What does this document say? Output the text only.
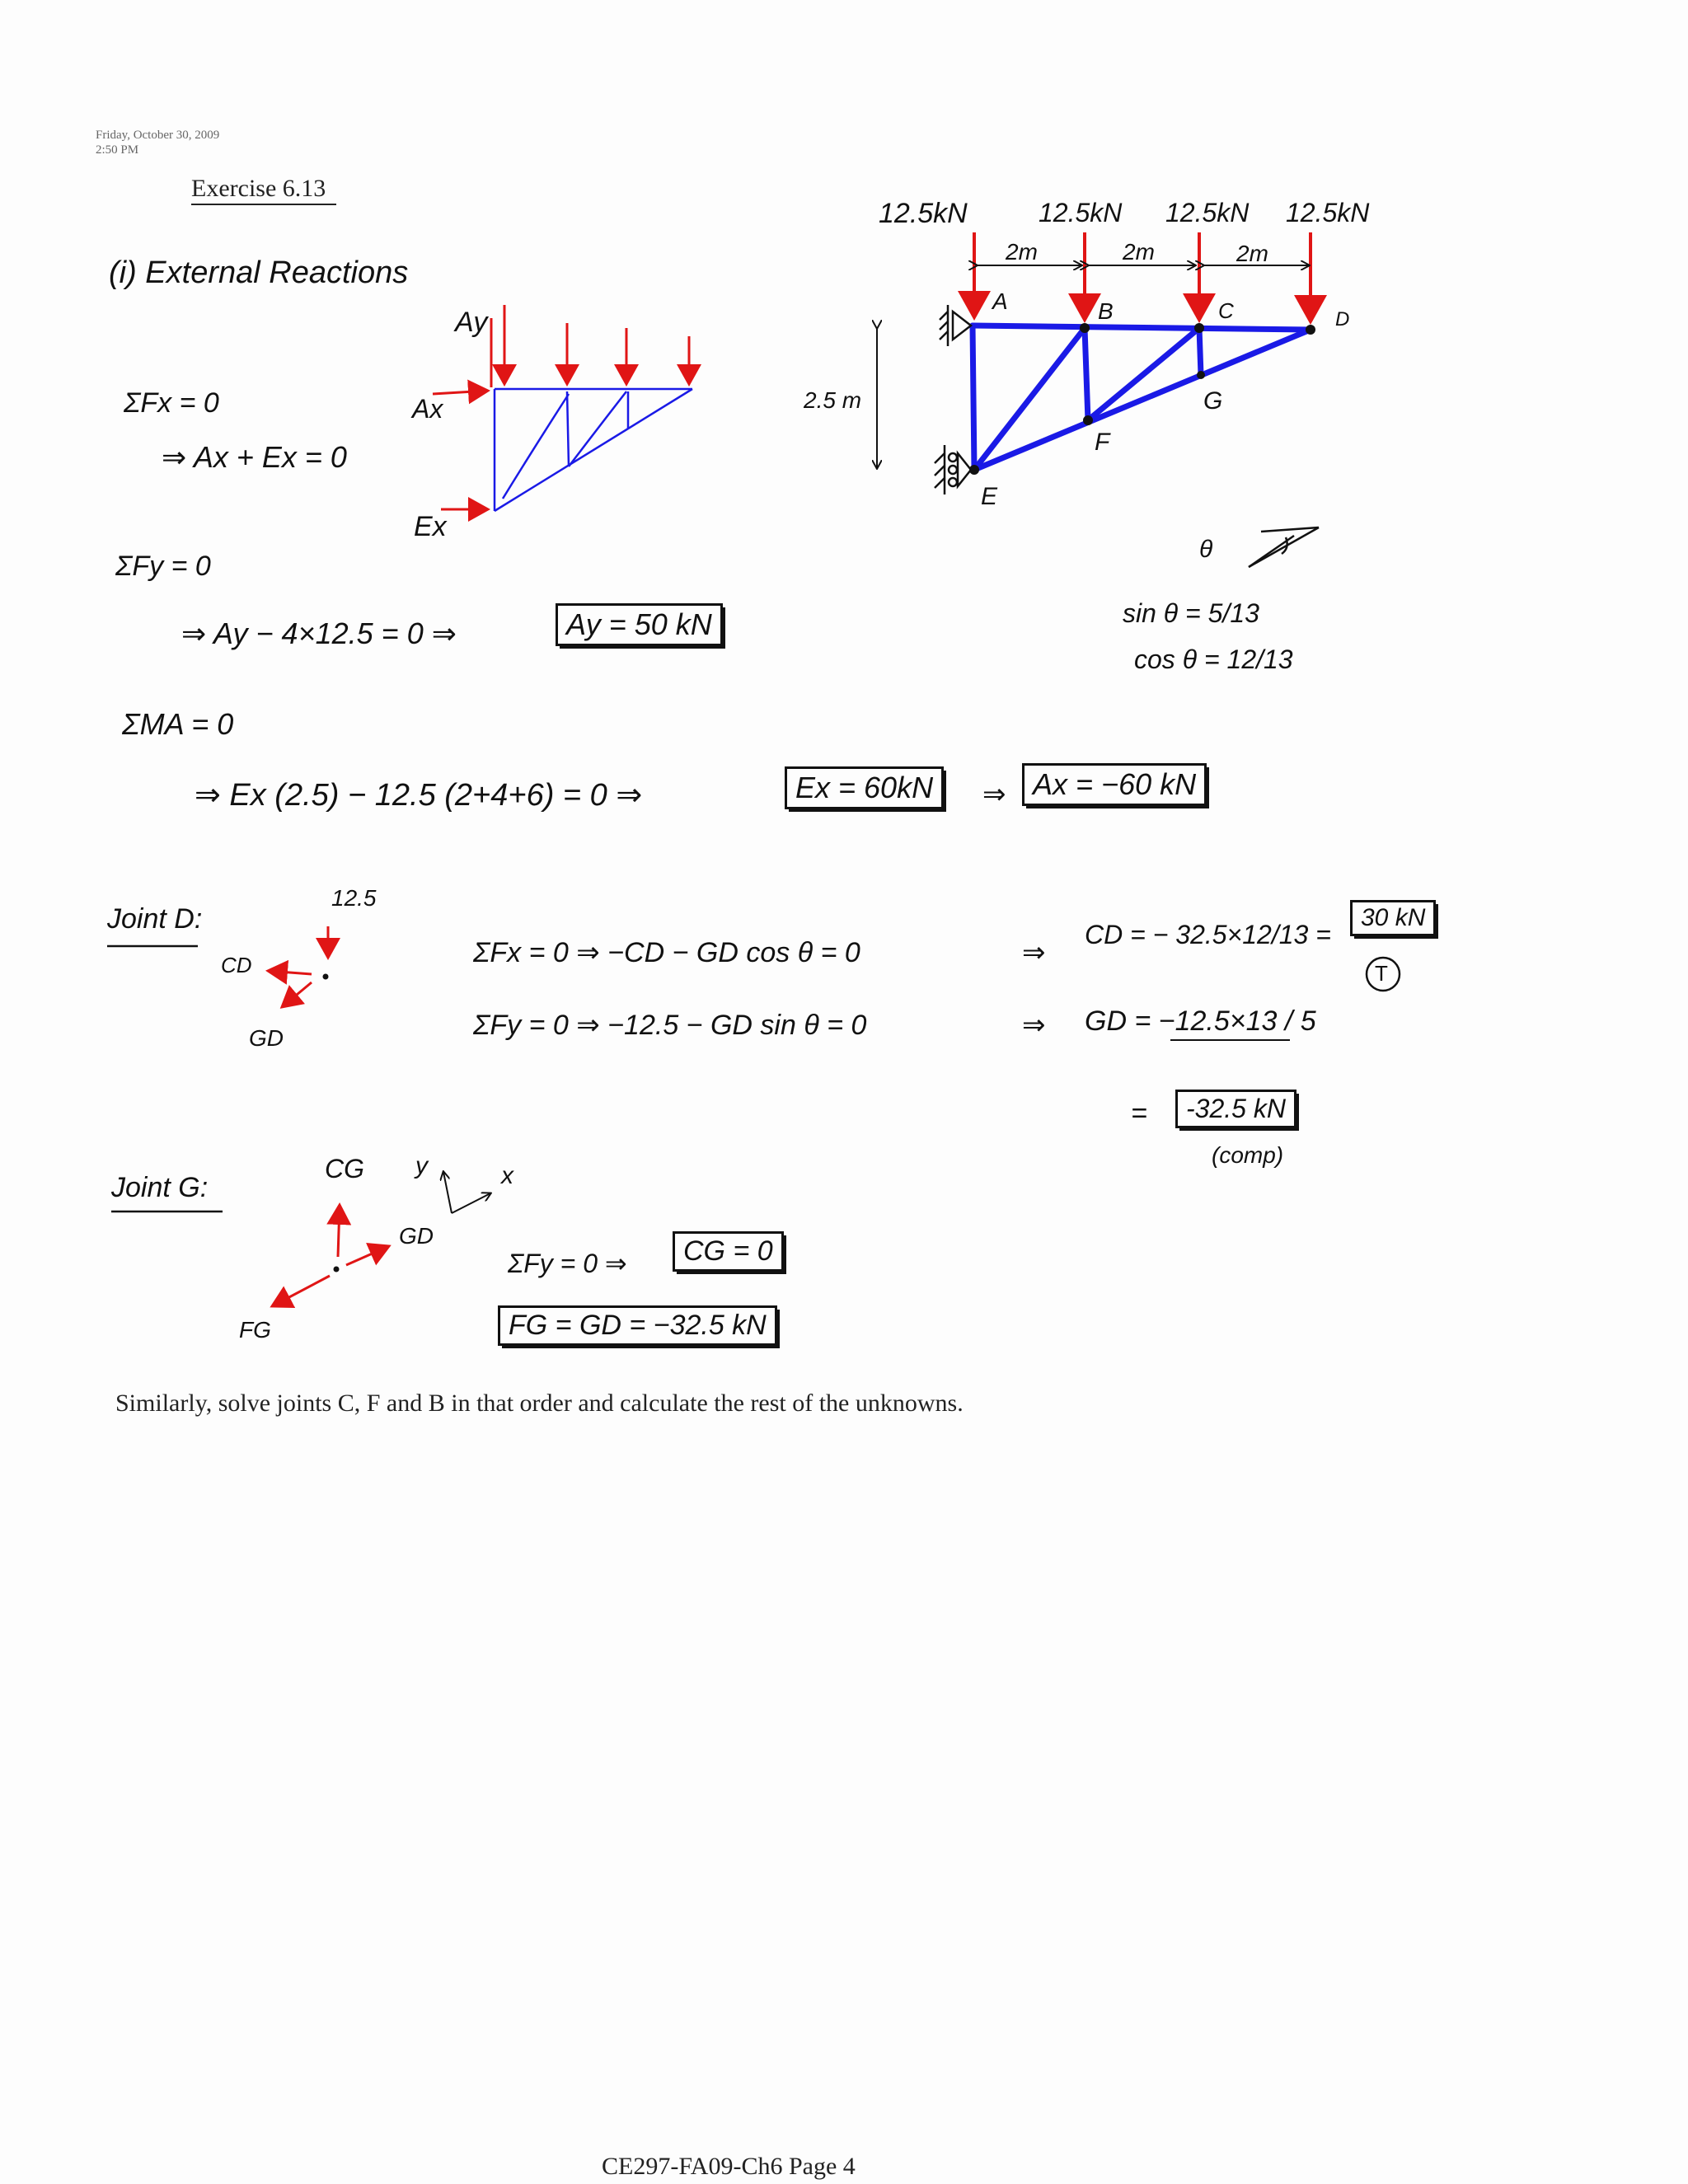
Friday, October 30, 2009
2:50 PM
Exercise 6.13
(i) External Reactions
Ay
Ax
Ex
ΣFx = 0
⇒ Ax + Ex = 0
ΣFy = 0
⇒ Ay − 4×12.5 = 0 ⇒	Ay = 50 kN
ΣMA = 0
⇒ Ex (2.5) − 12.5 (2+4+6) = 0 ⇒	Ex = 60kN	⇒ Ax = −60 kN
12.5kN	12.5kN 12.5kN 12.5kN
2m	2m	2m
2.5 m
A	B	C	D
E
F
G
θ
sin θ = 5/13
cos θ = 12/13
Joint D:
12.5
CD
GD
ΣFx = 0 ⇒ −CD − GD cos θ = 0	⇒
CD = − 32.5×12/13 =
30 kN
T
ΣFy = 0 ⇒ −12.5 − GD sin θ = 0	⇒ GD = −12.5×13 / 5
=	-32.5 kN
(comp)
Joint G:
CG
GD
FG
y	x
ΣFy = 0 ⇒	CG = 0
FG = GD = −32.5 kN
Similarly, solve joints C, F and B in that order and calculate the rest of the unknowns.
CE297-FA09-Ch6 Page 4
